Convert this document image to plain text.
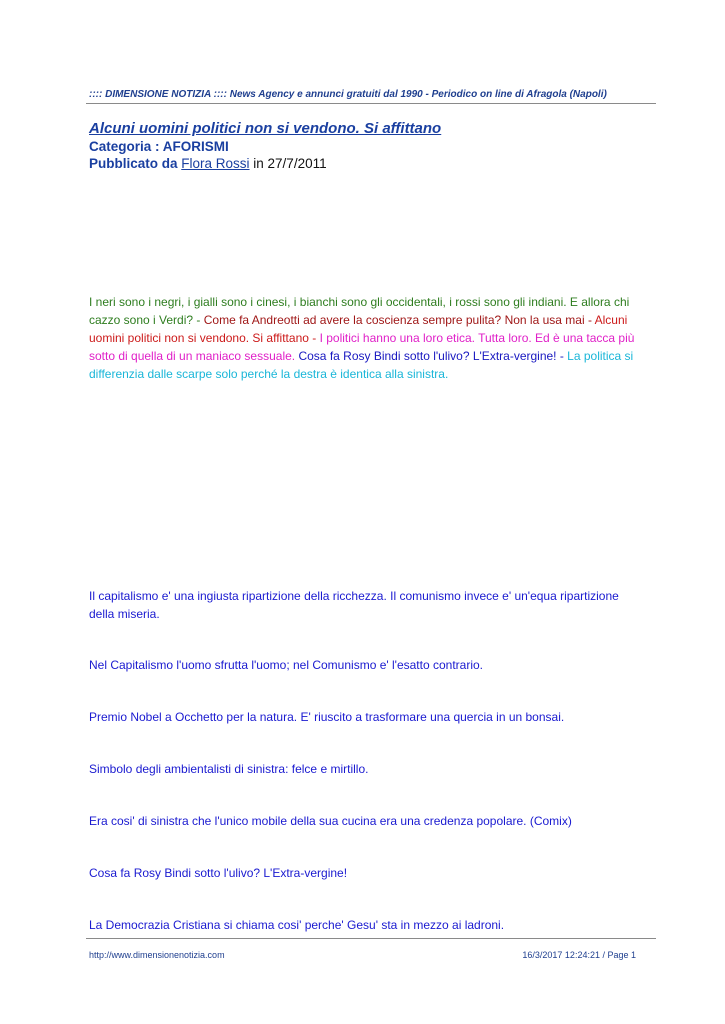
:::: DIMENSIONE NOTIZIA :::: News Agency e annunci gratuiti dal 1990 - Periodico on line di Afragola (Napoli)
Alcuni uomini politici non si vendono. Si affittano
Categoria : AFORISMI
Pubblicato da Flora Rossi in 27/7/2011
I neri sono i negri, i gialli sono i cinesi, i bianchi sono gli occidentali, i rossi sono gli indiani. E allora chi cazzo sono i Verdi? - Come fa Andreotti ad avere la coscienza sempre pulita? Non la usa mai - Alcuni uomini politici non si vendono. Si affittano - I politici hanno una loro etica. Tutta loro. Ed è una tacca più sotto di quella di un maniaco sessuale. Cosa fa Rosy Bindi sotto l'ulivo? L'Extra-vergine! - La politica si differenzia dalle scarpe solo perché la destra è identica alla sinistra.
Il capitalismo e' una ingiusta ripartizione della ricchezza. Il comunismo invece e' un'equa ripartizione della miseria.
Nel Capitalismo l'uomo sfrutta l'uomo; nel Comunismo e' l'esatto contrario.
Premio Nobel a Occhetto per la natura. E' riuscito a trasformare una quercia in un bonsai.
Simbolo degli ambientalisti di sinistra: felce e mirtillo.
Era cosi' di sinistra che l'unico mobile della sua cucina era una credenza popolare. (Comix)
Cosa fa Rosy Bindi sotto l'ulivo? L'Extra-vergine!
La Democrazia Cristiana si chiama cosi' perche' Gesu' sta in mezzo ai ladroni.
http://www.dimensionenotizia.com	16/3/2017 12:24:21 / Page 1
